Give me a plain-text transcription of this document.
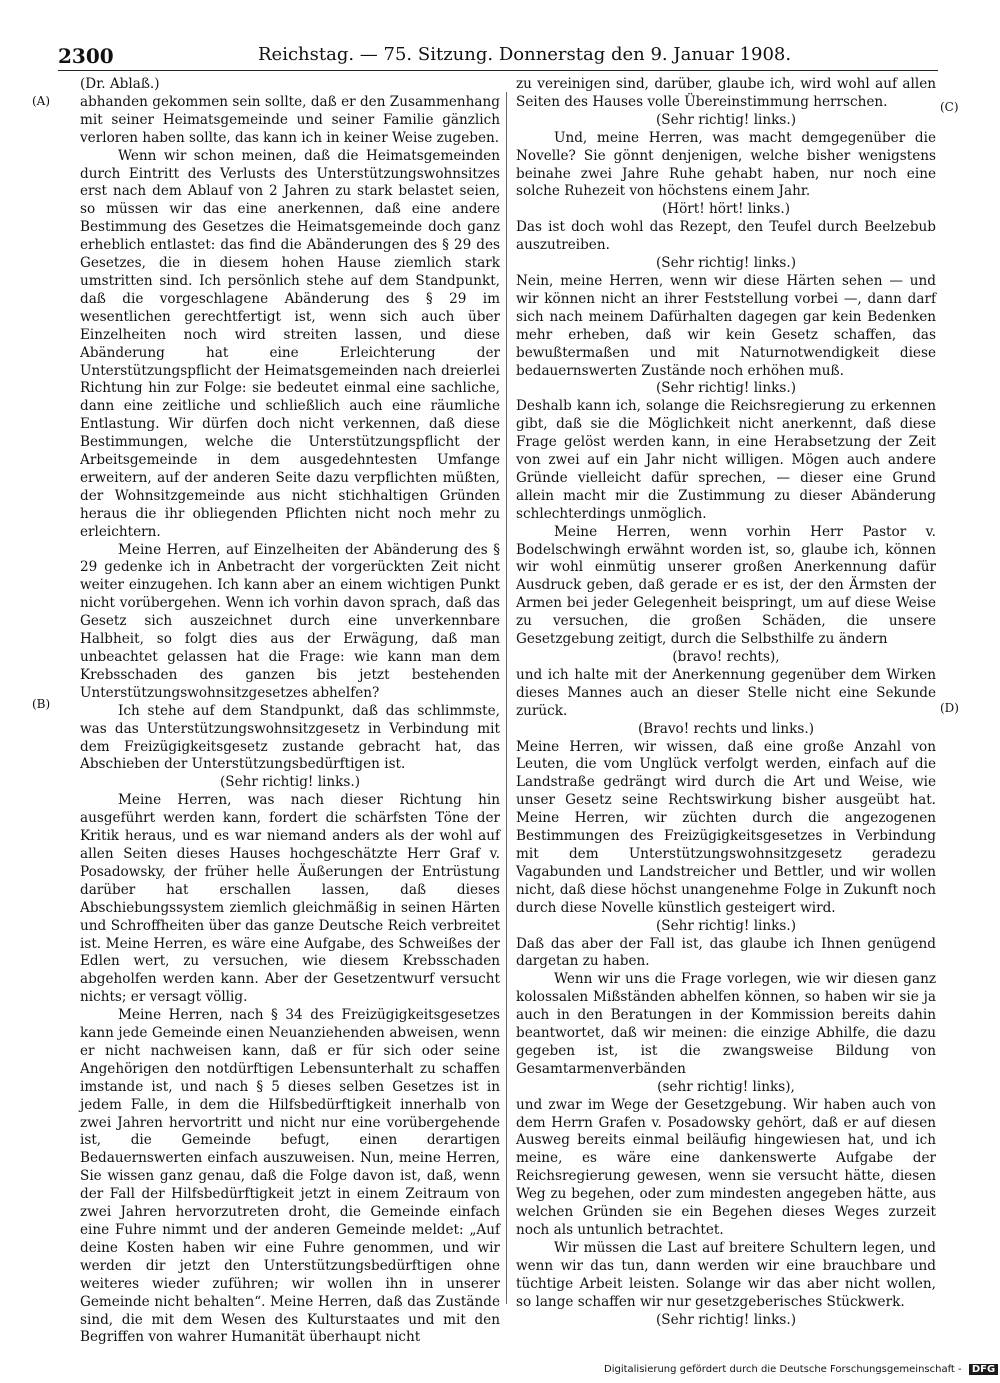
2300	Reichstag. — 75. Sitzung. Donnerstag den 9. Januar 1908.
(A)
(B)
(C)
(D)

(Dr. Ablaß.)

abhanden gekommen sein sollte, daß er den Zusammenhang mit seiner Heimatsgemeinde und seiner Familie gänzlich verloren haben sollte, das kann ich in keiner Weise zugeben.

Wenn wir schon meinen, daß die Heimatsgemeinden durch Eintritt des Verlusts des Unterstützungswohnsitzes erst nach dem Ablauf von 2 Jahren zu stark belastet seien, so müssen wir das eine anerkennen, daß eine andere Bestimmung des Gesetzes die Heimatsgemeinde doch ganz erheblich entlastet: das find die Abänderungen des § 29 des Gesetzes, die in diesem hohen Hause ziemlich stark umstritten sind. Ich persönlich stehe auf dem Standpunkt, daß die vorgeschlagene Abänderung des § 29 im wesentlichen gerechtfertigt ist, wenn sich auch über Einzelheiten noch wird streiten lassen, und diese Abänderung hat eine Erleichterung der Unterstützungspflicht der Heimatsgemeinden nach dreierlei Richtung hin zur Folge: sie bedeutet einmal eine sachliche, dann eine zeitliche und schließlich auch eine räumliche Entlastung. Wir dürfen doch nicht verkennen, daß diese Bestimmungen, welche die Unterstützungspflicht der Arbeitsgemeinde in dem ausgedehntesten Umfange erweitern, auf der anderen Seite dazu verpflichten müßten, der Wohnsitzgemeinde aus nicht stichhaltigen Gründen heraus die ihr obliegenden Pflichten nicht noch mehr zu erleichtern.

Meine Herren, auf Einzelheiten der Abänderung des § 29 gedenke ich in Anbetracht der vorgerückten Zeit nicht weiter einzugehen. Ich kann aber an einem wichtigen Punkt nicht vorübergehen. Wenn ich vorhin davon sprach, daß das Gesetz sich auszeichnet durch eine unverkennbare Halbheit, so folgt dies aus der Erwägung, daß man unbeachtet gelassen hat die Frage: wie kann man dem Krebsschaden des ganzen bis jetzt bestehenden Unterstützungswohnsitzgesetzes abhelfen?

Ich stehe auf dem Standpunkt, daß das schlimmste, was das Unterstützungswohnsitzgesetz in Verbindung mit dem Freizügigkeitsgesetz zustande gebracht hat, das Abschieben der Unterstützungsbedürftigen ist.

(Sehr richtig! links.)

Meine Herren, was nach dieser Richtung hin ausgeführt werden kann, fordert die schärfsten Töne der Kritik heraus, und es war niemand anders als der wohl auf allen Seiten dieses Hauses hochgeschätzte Herr Graf v. Posadowsky, der früher helle Äußerungen der Entrüstung darüber hat erschallen lassen, daß dieses Abschiebungssystem ziemlich gleichmäßig in seinen Härten und Schroffheiten über das ganze Deutsche Reich verbreitet ist. Meine Herren, es wäre eine Aufgabe, des Schweißes der Edlen wert, zu versuchen, wie diesem Krebsschaden abgeholfen werden kann. Aber der Gesetzentwurf versucht nichts; er versagt völlig.

Meine Herren, nach § 34 des Freizügigkeitsgesetzes kann jede Gemeinde einen Neuanziehenden abweisen, wenn er nicht nachweisen kann, daß er für sich oder seine Angehörigen den notdürftigen Lebensunterhalt zu schaffen imstande ist, und nach § 5 dieses selben Gesetzes ist in jedem Falle, in dem die Hilfsbedürftigkeit innerhalb von zwei Jahren hervortritt und nicht nur eine vorübergehende ist, die Gemeinde befugt, einen derartigen Bedauernswerten einfach auszuweisen. Nun, meine Herren, Sie wissen ganz genau, daß die Folge davon ist, daß, wenn der Fall der Hilfsbedürftigkeit jetzt in einem Zeitraum von zwei Jahren hervorzutreten droht, die Gemeinde einfach eine Fuhre nimmt und der anderen Gemeinde meldet: „Auf deine Kosten haben wir eine Fuhre genommen, und wir werden dir jetzt den Unterstützungsbedürftigen ohne weiteres wieder zuführen; wir wollen ihn in unserer Gemeinde nicht behalten“. Meine Herren, daß das Zustände sind, die mit dem Wesen des Kulturstaates und mit den Begriffen von wahrer Humanität überhaupt nicht

zu vereinigen sind, darüber, glaube ich, wird wohl auf allen Seiten des Hauses volle Übereinstimmung herrschen.

(Sehr richtig! links.)

Und, meine Herren, was macht demgegenüber die Novelle? Sie gönnt denjenigen, welche bisher wenigstens beinahe zwei Jahre Ruhe gehabt haben, nur noch eine solche Ruhezeit von höchstens einem Jahr.

(Hört! hört! links.)

Das ist doch wohl das Rezept, den Teufel durch Beelzebub auszutreiben.

(Sehr richtig! links.)

Nein, meine Herren, wenn wir diese Härten sehen — und wir können nicht an ihrer Feststellung vorbei —, dann darf sich nach meinem Dafürhalten dagegen gar kein Bedenken mehr erheben, daß wir kein Gesetz schaffen, das bewußtermaßen und mit Naturnotwendigkeit diese bedauernswerten Zustände noch erhöhen muß.

(Sehr richtig! links.)

Deshalb kann ich, solange die Reichsregierung zu erkennen gibt, daß sie die Möglichkeit nicht anerkennt, daß diese Frage gelöst werden kann, in eine Herabsetzung der Zeit von zwei auf ein Jahr nicht willigen. Mögen auch andere Gründe vielleicht dafür sprechen, — dieser eine Grund allein macht mir die Zustimmung zu dieser Abänderung schlechterdings unmöglich.

Meine Herren, wenn vorhin Herr Pastor v. Bodelschwingh erwähnt worden ist, so, glaube ich, können wir wohl einmütig unserer großen Anerkennung dafür Ausdruck geben, daß gerade er es ist, der den Ärmsten der Armen bei jeder Gelegenheit beispringt, um auf diese Weise zu versuchen, die großen Schäden, die unsere Gesetzgebung zeitigt, durch die Selbsthilfe zu ändern

(bravo! rechts),

und ich halte mit der Anerkennung gegenüber dem Wirken dieses Mannes auch an dieser Stelle nicht eine Sekunde zurück.

(Bravo! rechts und links.)

Meine Herren, wir wissen, daß eine große Anzahl von Leuten, die vom Unglück verfolgt werden, einfach auf die Landstraße gedrängt wird durch die Art und Weise, wie unser Gesetz seine Rechtswirkung bisher ausgeübt hat. Meine Herren, wir züchten durch die angezogenen Bestimmungen des Freizügigkeitsgesetzes in Verbindung mit dem Unterstützungswohnsitzgesetz geradezu Vagabunden und Landstreicher und Bettler, und wir wollen nicht, daß diese höchst unangenehme Folge in Zukunft noch durch diese Novelle künstlich gesteigert wird.

(Sehr richtig! links.)

Daß das aber der Fall ist, das glaube ich Ihnen genügend dargetan zu haben.

Wenn wir uns die Frage vorlegen, wie wir diesen ganz kolossalen Mißständen abhelfen können, so haben wir sie ja auch in den Beratungen in der Kommission bereits dahin beantwortet, daß wir meinen: die einzige Abhilfe, die dazu gegeben ist, ist die zwangsweise Bildung von Gesamtarmenverbänden

(sehr richtig! links),

und zwar im Wege der Gesetzgebung. Wir haben auch von dem Herrn Grafen v. Posadowsky gehört, daß er auf diesen Ausweg bereits einmal beiläufig hingewiesen hat, und ich meine, es wäre eine dankenswerte Aufgabe der Reichsregierung gewesen, wenn sie versucht hätte, diesen Weg zu begehen, oder zum mindesten angegeben hätte, aus welchen Gründen sie ein Begehen dieses Weges zurzeit noch als untunlich betrachtet.

Wir müssen die Last auf breitere Schultern legen, und wenn wir das tun, dann werden wir eine brauchbare und tüchtige Arbeit leisten. Solange wir das aber nicht wollen, so lange schaffen wir nur gesetzgeberisches Stückwerk.

(Sehr richtig! links.)

Digitalisierung gefördert durch die Deutsche Forschungsgemeinschaft - DFG
